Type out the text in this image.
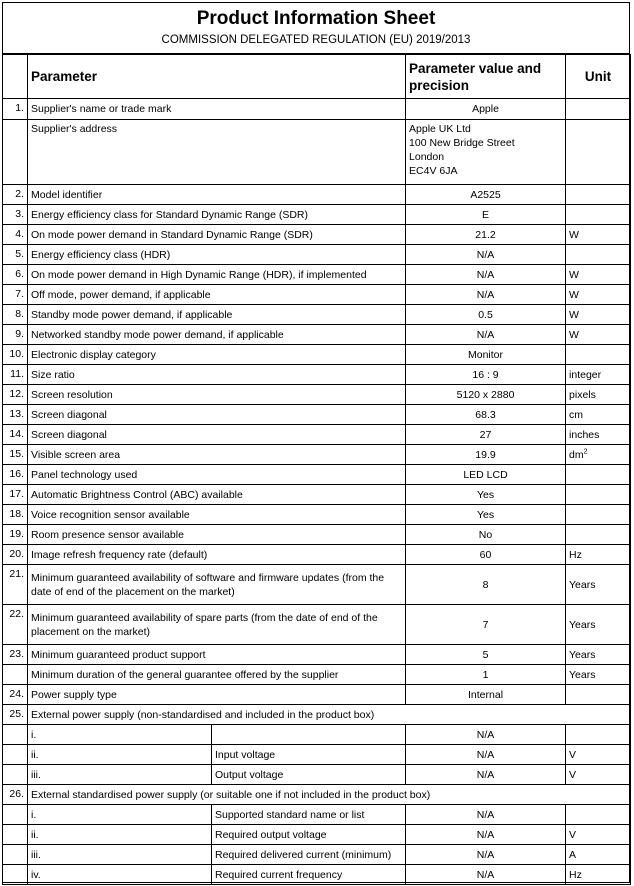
Product Information Sheet
COMMISSION DELEGATED REGULATION (EU) 2019/2013
	Parameter		Parameter value and precision	Unit
1.	Supplier's name or trade mark		Apple	
	Supplier's address		Apple UK Ltd
100 New Bridge Street
London
EC4V 6JA	

2.	Model identifier		A2525	
3.	Energy efficiency class for Standard Dynamic Range (SDR)		E	
4.	On mode power demand in Standard Dynamic Range (SDR)		21.2	W
5.	Energy efficiency class (HDR)		N/A	
6.	On mode power demand in High Dynamic Range (HDR), if implemented		N/A	W
7.	Off mode, power demand, if applicable		N/A	W
8.	Standby mode power demand, if applicable		0.5	W
9.	Networked standby mode power demand, if applicable		N/A	W
10.	Electronic display category		Monitor	
11.	Size ratio		16 : 9	integer
12.	Screen resolution		5120 x 2880	pixels
13.	Screen diagonal		68.3	cm
14.	Screen diagonal		27	inches
15.	Visible screen area		19.9	$dm^2$
16.	Panel technology used		LED LCD	
17.	Automatic Brightness Control (ABC) available		Yes	
18.	Voice recognition sensor available		Yes	
19.	Room presence sensor available		No	
20.	Image refresh frequency rate (default)		60	Hz
21.	Minimum guaranteed availability of software and firmware updates (from the date of end of the placement on the market)		8	Years
22.	Minimum guaranteed availability of spare parts (from the date of end of the placement on the market)		7	Years
23.	Minimum guaranteed product support		5	Years
	Minimum duration of the general guarantee offered by the supplier		1	Years
24.	Power supply type		Internal	
25.	External power supply (non-standardised and included in the product box)			
	i.		N/A	
	ii.	Input voltage	N/A	V
	iii.	Output voltage	N/A	V
26.	External standardised power supply (or suitable one if not included in the product box)			
	i.	Supported standard name or list	N/A	
	ii.	Required output voltage	N/A	V
	iii.	Required delivered current (minimum)	N/A	A
	iv.	Required current frequency	N/A	Hz
